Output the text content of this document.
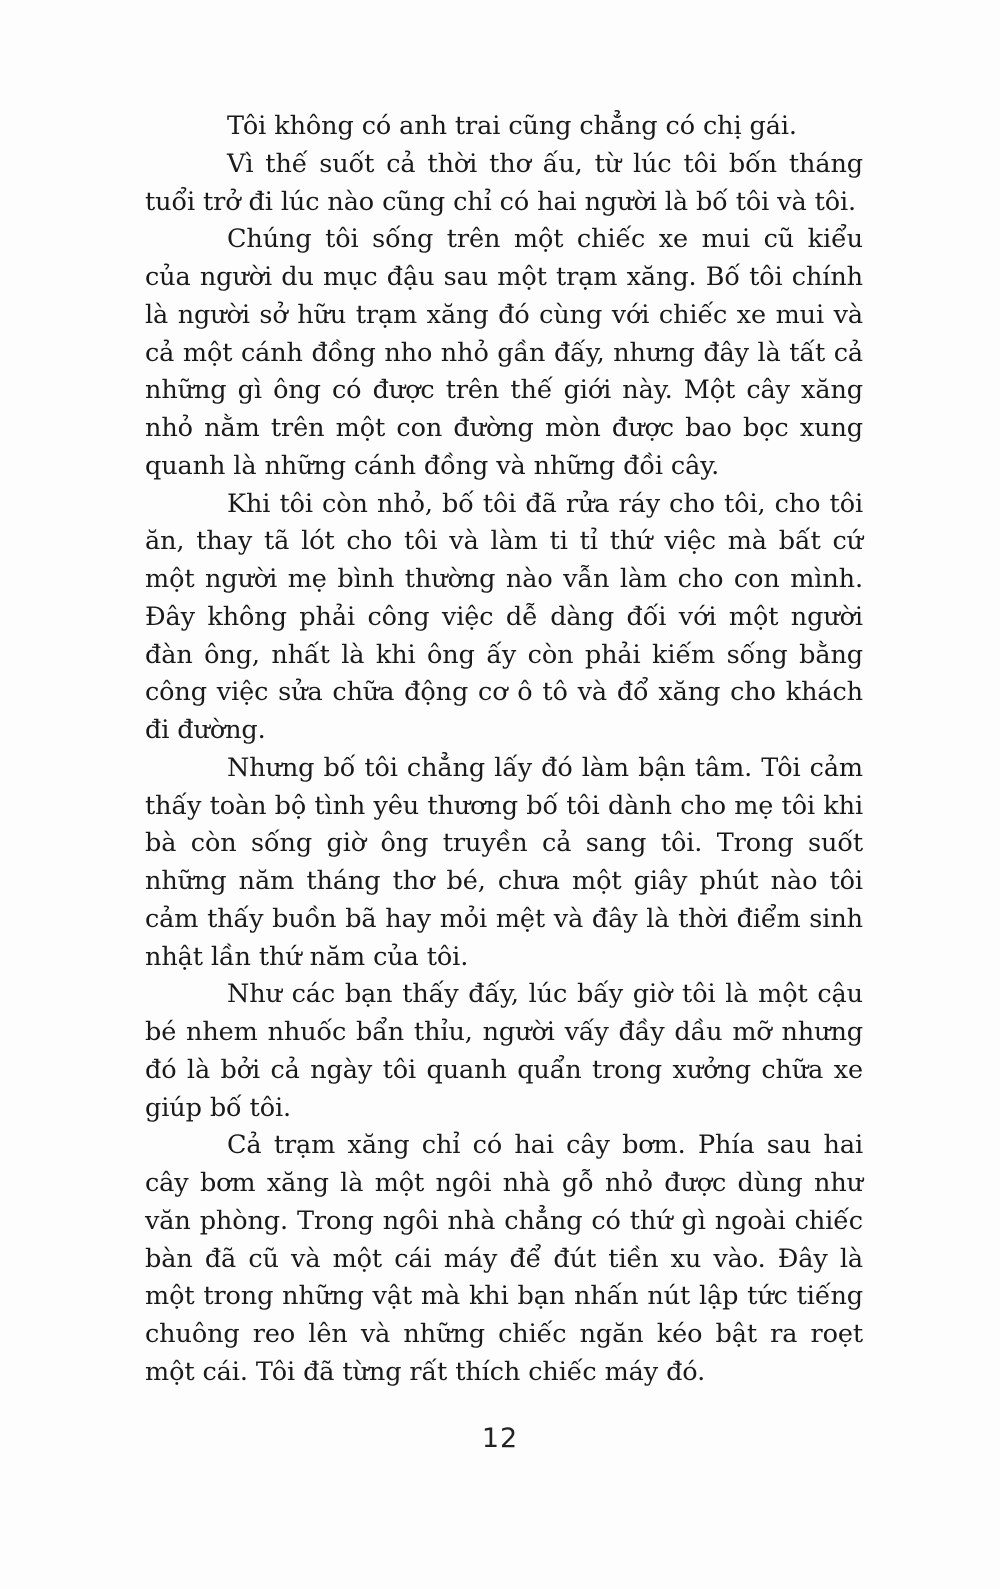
Tôi không có anh trai cũng chẳng có chị gái.

Vì thế suốt cả thời thơ ấu, từ lúc tôi bốn tháng tuổi trở đi lúc nào cũng chỉ có hai người là bố tôi và tôi.

Chúng tôi sống trên một chiếc xe mui cũ kiểu của người du mục đậu sau một trạm xăng. Bố tôi chính là người sở hữu trạm xăng đó cùng với chiếc xe mui và cả một cánh đồng nho nhỏ gần đấy, nhưng đây là tất cả những gì ông có được trên thế giới này. Một cây xăng nhỏ nằm trên một con đường mòn được bao bọc xung quanh là những cánh đồng và những đồi cây.

Khi tôi còn nhỏ, bố tôi đã rửa ráy cho tôi, cho tôi ăn, thay tã lót cho tôi và làm ti tỉ thứ việc mà bất cứ một người mẹ bình thường nào vẫn làm cho con mình. Đây không phải công việc dễ dàng đối với một người đàn ông, nhất là khi ông ấy còn phải kiếm sống bằng công việc sửa chữa động cơ ô tô và đổ xăng cho khách đi đường.

Nhưng bố tôi chẳng lấy đó làm bận tâm. Tôi cảm thấy toàn bộ tình yêu thương bố tôi dành cho mẹ tôi khi bà còn sống giờ ông truyền cả sang tôi. Trong suốt những năm tháng thơ bé, chưa một giây phút nào tôi cảm thấy buồn bã hay mỏi mệt và đây là thời điểm sinh nhật lần thứ năm của tôi.

Như các bạn thấy đấy, lúc bấy giờ tôi là một cậu bé nhem nhuốc bẩn thỉu, người vấy đầy dầu mỡ nhưng đó là bởi cả ngày tôi quanh quẩn trong xưởng chữa xe giúp bố tôi.

Cả trạm xăng chỉ có hai cây bơm. Phía sau hai cây bơm xăng là một ngôi nhà gỗ nhỏ được dùng như văn phòng. Trong ngôi nhà chẳng có thứ gì ngoài chiếc bàn đã cũ và một cái máy để đút tiền xu vào. Đây là một trong những vật mà khi bạn nhấn nút lập tức tiếng chuông reo lên và những chiếc ngăn kéo bật ra roẹt một cái. Tôi đã từng rất thích chiếc máy đó.

12
